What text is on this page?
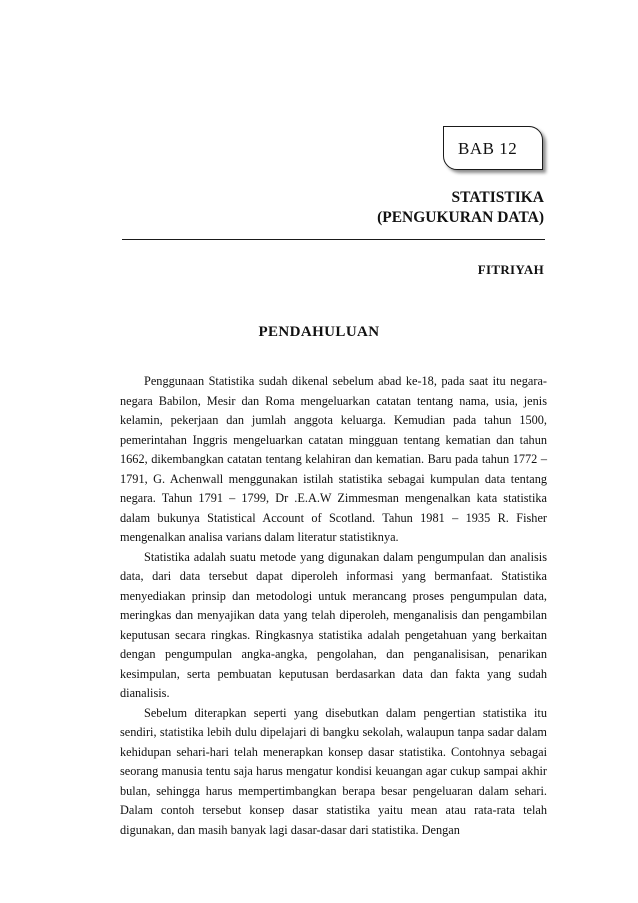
BAB 12
STATISTIKA
(PENGUKURAN DATA)
FITRIYAH
PENDAHULUAN

Penggunaan Statistika sudah dikenal sebelum abad ke-18, pada saat itu negara-negara Babilon, Mesir dan Roma mengeluarkan catatan tentang nama, usia, jenis kelamin, pekerjaan dan jumlah anggota keluarga. Kemudian pada tahun 1500, pemerintahan Inggris mengeluarkan catatan mingguan tentang kematian dan tahun 1662, dikembangkan catatan tentang kelahiran dan kematian. Baru pada tahun 1772 – 1791, G. Achenwall menggunakan istilah statistika sebagai kumpulan data tentang negara. Tahun 1791 – 1799, Dr .E.A.W Zimmesman mengenalkan kata statistika dalam bukunya Statistical Account of Scotland. Tahun 1981 – 1935 R. Fisher mengenalkan analisa varians dalam literatur statistiknya.

Statistika adalah suatu metode yang digunakan dalam pengumpulan dan analisis data, dari data tersebut dapat diperoleh informasi yang bermanfaat. Statistika menyediakan prinsip dan metodologi untuk merancang proses pengumpulan data, meringkas dan menyajikan data yang telah diperoleh, menganalisis dan pengambilan keputusan secara ringkas. Ringkasnya statistika adalah pengetahuan yang berkaitan dengan pengumpulan angka-angka, pengolahan, dan penganalisisan, penarikan kesimpulan, serta pembuatan keputusan berdasarkan data dan fakta yang sudah dianalisis.

Sebelum diterapkan seperti yang disebutkan dalam pengertian statistika itu sendiri, statistika lebih dulu dipelajari di bangku sekolah, walaupun tanpa sadar dalam kehidupan sehari-hari telah menerapkan konsep dasar statistika. Contohnya sebagai seorang manusia tentu saja harus mengatur kondisi keuangan agar cukup sampai akhir bulan, sehingga harus mempertimbangkan berapa besar pengeluaran dalam sehari. Dalam contoh tersebut konsep dasar statistika yaitu mean atau rata-rata telah digunakan, dan masih banyak lagi dasar-dasar dari statistika. Dengan
